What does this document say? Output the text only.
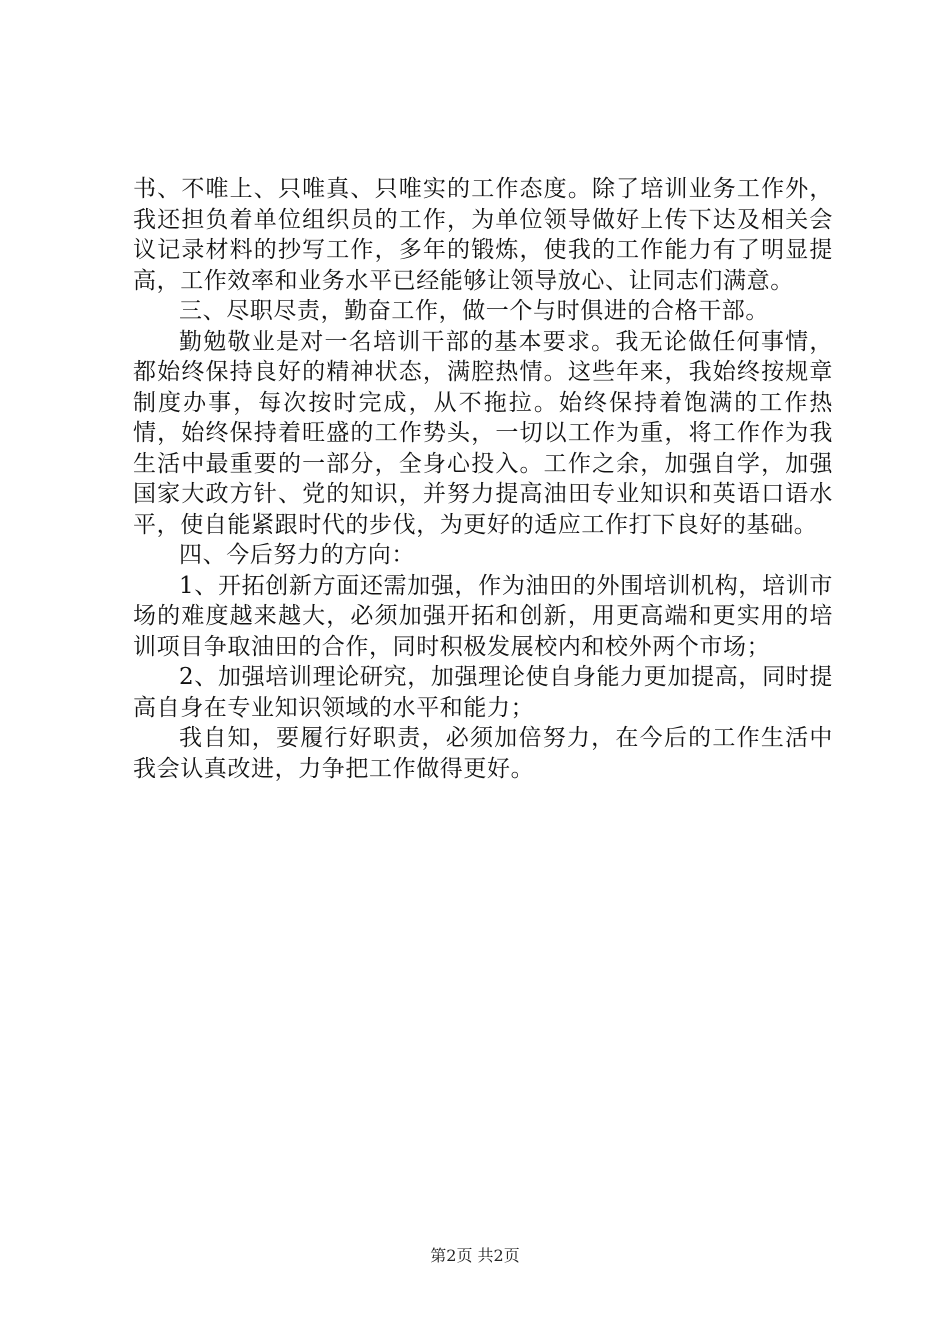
书、不唯上、只唯真、只唯实的工作态度。除了培训业务工作外，我还担负着单位组织员的工作，为单位领导做好上传下达及相关会议记录材料的抄写工作，多年的锻炼，使我的工作能力有了明显提高，工作效率和业务水平已经能够让领导放心、让同志们满意。

三、尽职尽责，勤奋工作，做一个与时俱进的合格干部。

勤勉敬业是对一名培训干部的基本要求。我无论做任何事情，都始终保持良好的精神状态，满腔热情。这些年来，我始终按规章制度办事，每次按时完成，从不拖拉。始终保持着饱满的工作热情，始终保持着旺盛的工作势头，一切以工作为重，将工作作为我生活中最重要的一部分，全身心投入。工作之余，加强自学，加强国家大政方针、党的知识，并努力提高油田专业知识和英语口语水平，使自能紧跟时代的步伐，为更好的适应工作打下良好的基础。

四、今后努力的方向：

1、开拓创新方面还需加强，作为油田的外围培训机构，培训市场的难度越来越大，必须加强开拓和创新，用更高端和更实用的培训项目争取油田的合作，同时积极发展校内和校外两个市场；

2、加强培训理论研究，加强理论使自身能力更加提高，同时提高自身在专业知识领域的水平和能力；

我自知，要履行好职责，必须加倍努力，在今后的工作生活中我会认真改进，力争把工作做得更好。

第2页 共2页
